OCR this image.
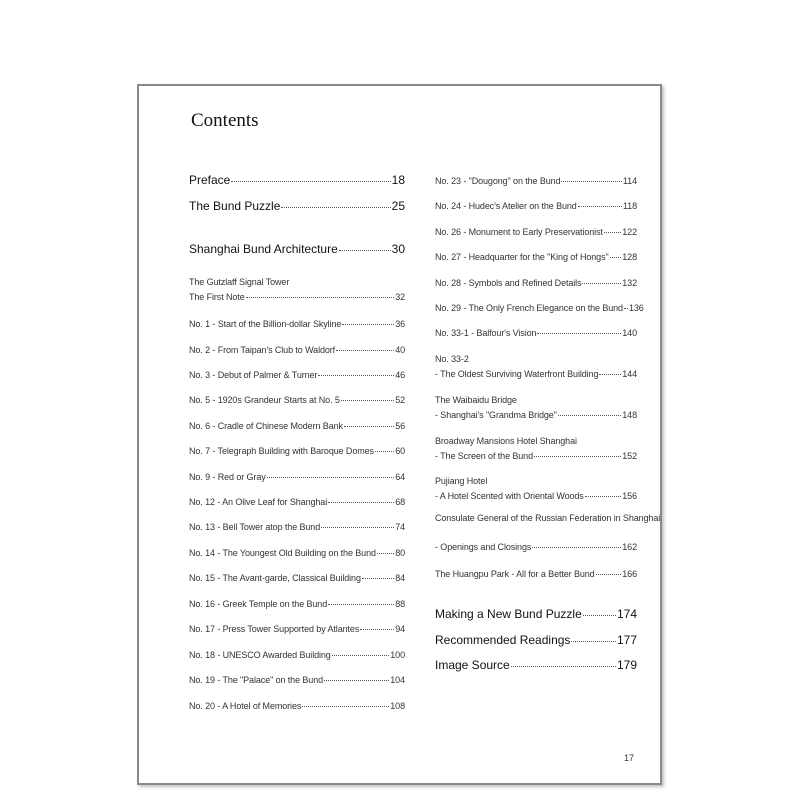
Contents
Preface	18
The Bund Puzzle	25
Shanghai Bund Architecture	30
The Gutzlaff Signal Tower
The First Note	32
No. 1 - Start of the Billion-dollar Skyline	36
No. 2 - From Taipan's Club to Waldorf	40
No. 3 - Debut of Palmer & Turner	46
No. 5 - 1920s Grandeur Starts at No. 5	52
No. 6 - Cradle of Chinese Modern Bank	56
No. 7 - Telegraph Building with Baroque Domes 60
No. 9 - Red or Gray	64
No. 12 - An Olive Leaf for Shanghai	68
No. 13 - Bell Tower atop the Bund	74
No. 14 - The Youngest Old Building on the Bund 80
No. 15 - The Avant-garde, Classical Building	84
No. 16 - Greek Temple on the Bund	88
No. 17 - Press Tower Supported by Atlantes	94
No. 18 - UNESCO Awarded Building	100
No. 19 - The "Palace" on the Bund	104
No. 20 - A Hotel of Memories	108
No. 23 - "Dougong" on the Bund	114
No. 24 - Hudec's Atelier on the Bund	118
No. 26 - Monument to Early Preservationist 122
No. 27 - Headquarter for the "King of Hongs" 128
No. 28 - Symbols and Refined Details	132
No. 29 - The Only French Elegance on the Bund 136
No. 33-1 - Balfour's Vision	140
No. 33-2
- The Oldest Surviving Waterfront Building	144
The Waibaidu Bridge
- Shanghai's "Grandma Bridge"	148
Broadway Mansions Hotel Shanghai
- The Screen of the Bund	152
Pujiang Hotel
- A Hotel Scented with Oriental Woods	156
Consulate General of the Russian Federation in Shanghai
- Openings and Closings	162
The Huangpu Park - All for a Better Bund	166
Making a New Bund Puzzle	174
Recommended Readings	177
Image Source	179
17
